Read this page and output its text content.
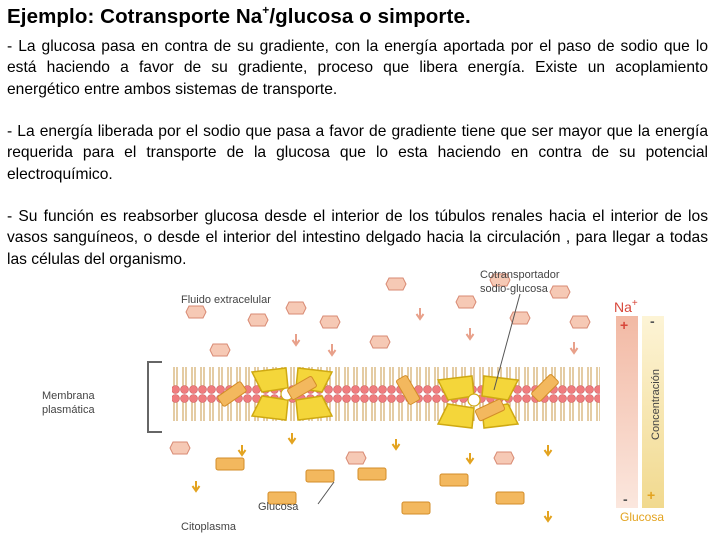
Ejemplo: Cotransporte Na+/glucosa o simporte.

- La glucosa pasa en contra de su gradiente, con la energía aportada por el paso de sodio que lo está haciendo a favor de su gradiente, proceso que libera energía. Existe un acoplamiento energético entre ambos sistemas de transporte.

- La energía liberada por el sodio que pasa a favor de gradiente tiene que ser mayor que la energía requerida para el transporte de la glucosa que lo esta haciendo en contra de su potencial electroquímico.

- Su función es reabsorber glucosa desde el interior de los túbulos renales hacia el interior de los vasos sanguíneos, o desde el interior del intestino delgado hacia la circulación , para llegar a todas las células del organismo.

Fluido extracelular
Membrana
plasmática
Cotransportador
sodio-glucosa
Glucosa
Citoplasma
Na+
+
-
-
+
Concentración
Glucosa
